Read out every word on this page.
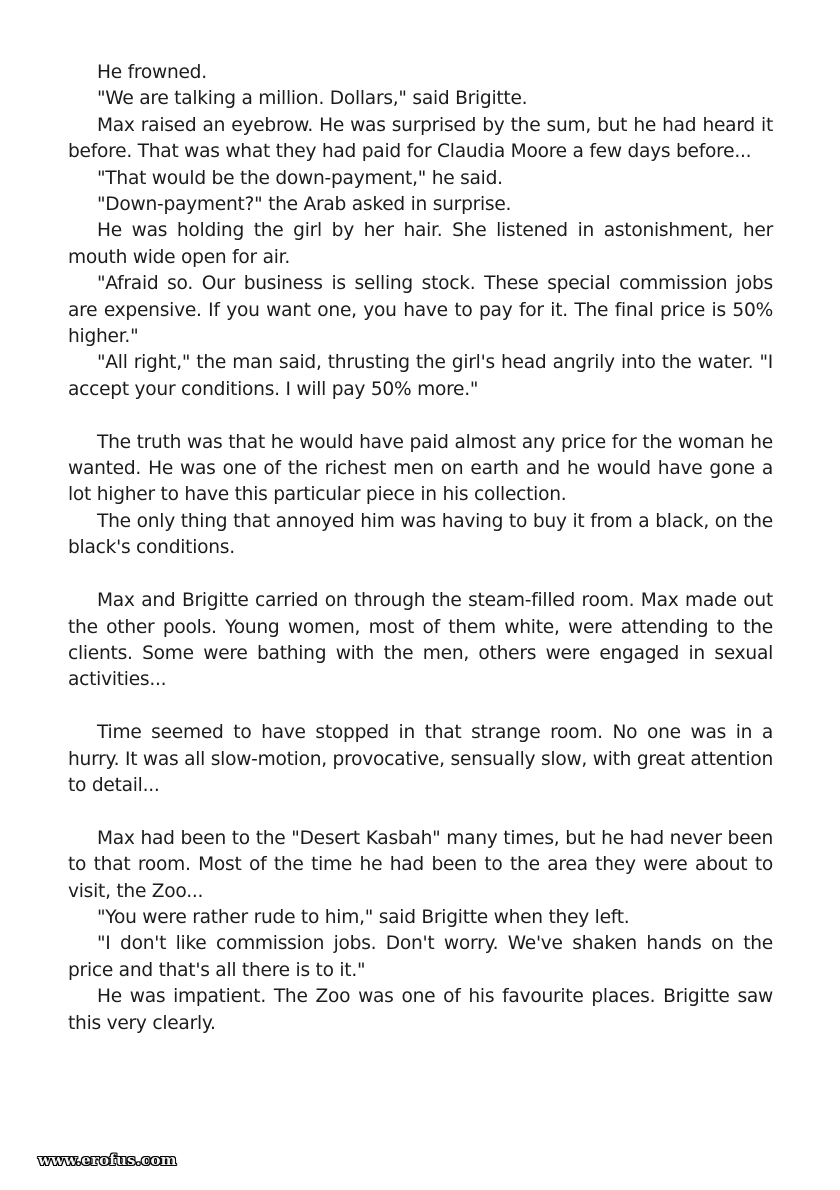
He frowned.

"We are talking a million. Dollars," said Brigitte.

Max raised an eyebrow. He was surprised by the sum, but he had heard it before. That was what they had paid for Claudia Moore a few days before...

"That would be the down-payment," he said.

"Down-payment?" the Arab asked in surprise.

He was holding the girl by her hair. She listened in astonishment, her mouth wide open for air.

"Afraid so. Our business is selling stock. These special commission jobs are expensive. If you want one, you have to pay for it. The final price is 50% higher."

"All right," the man said, thrusting the girl's head angrily into the water. "I accept your conditions. I will pay 50% more."

The truth was that he would have paid almost any price for the woman he wanted. He was one of the richest men on earth and he would have gone a lot higher to have this particular piece in his collection.

The only thing that annoyed him was having to buy it from a black, on the black's conditions.

Max and Brigitte carried on through the steam-filled room. Max made out the other pools. Young women, most of them white, were attending to the clients. Some were bathing with the men, others were engaged in sexual activities...

Time seemed to have stopped in that strange room. No one was in a hurry. It was all slow-motion, provocative, sensually slow, with great attention to detail...

Max had been to the "Desert Kasbah" many times, but he had never been to that room. Most of the time he had been to the area they were about to visit, the Zoo...

"You were rather rude to him," said Brigitte when they left.

"I don't like commission jobs. Don't worry. We've shaken hands on the price and that's all there is to it."

He was impatient. The Zoo was one of his favourite places. Brigitte saw this very clearly.

www.erofus.com
